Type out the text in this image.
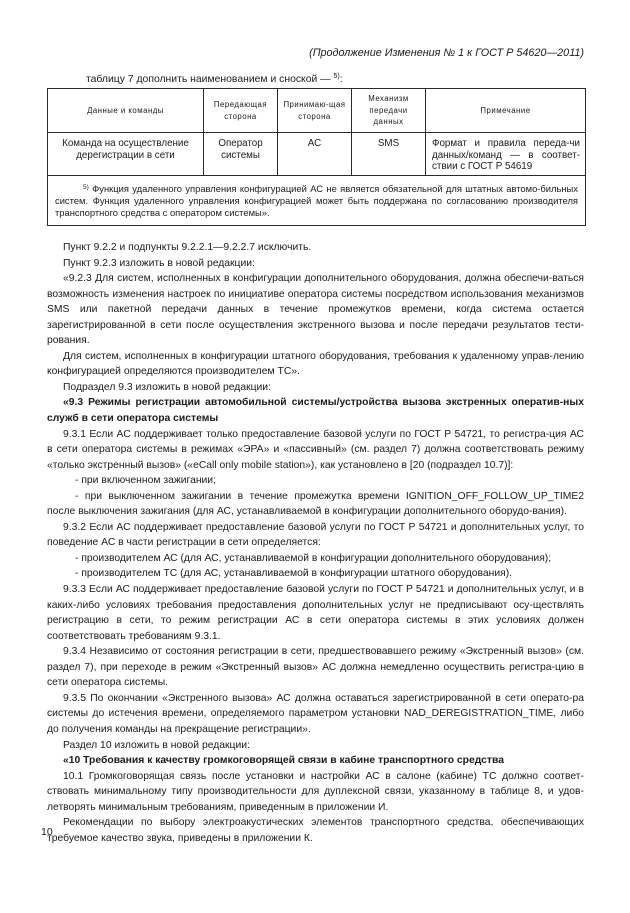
(Продолжение Изменения № 1 к ГОСТ Р 54620—2011)
таблицу 7 дополнить наименованием и сноской — $^{5)}$:
Данные и команды	Передающая сторона	Принимаю-щая сторона	Механизм передачи данных	Примечание
Команда на осуществление дерегистрации в сети	Оператор системы	АС	SMS	Формат и правила переда-чи данных/команд — в соответ-ствии с ГОСТ Р 54619
5) Функция удаленного управления конфигурацией АС не является обязательной для штатных автомо-бильных систем. Функция удаленного управления конфигурацией может быть поддержана по согласованию производителя транспортного средства с оператором системы».				

Пункт 9.2.2 и подпункты 9.2.2.1—9.2.2.7 исключить.

Пункт 9.2.3 изложить в новой редакции:

«9.2.3 Для систем, исполненных в конфигурации дополнительного оборудования, должна обеспечи-ваться возможность изменения настроек по инициативе оператора системы посредством использования механизмов SMS или пакетной передачи данных в течение промежутков времени, когда система остается зарегистрированной в сети после осуществления экстренного вызова и после передачи результатов тести-рования.

Для систем, исполненных в конфигурации штатного оборудования, требования к удаленному управ-лению конфигурацией определяются производителем ТС».

Подраздел 9.3 изложить в новой редакции:

«9.3 Режимы регистрации автомобильной системы/устройства вызова экстренных оператив-ных служб в сети оператора системы

9.3.1 Если АС поддерживает только предоставление базовой услуги по ГОСТ Р 54721, то регистра-ция АС в сети оператора системы в режимах «ЭРА» и «пассивный» (см. раздел 7) должна соответствовать режиму «только экстренный вызов» («eCall only mobile station»), как установлено в [20 (подраздел 10.7)]:

- при включенном зажигании;

- при выключенном зажигании в течение промежутка времени IGNITION_OFF_FOLLOW_UP_TIME2 после выключения зажигания (для АС, устанавливаемой в конфигурации дополнительного оборудо-вания).

9.3.2 Если АС поддерживает предоставление базовой услуги по ГОСТ Р 54721 и дополнительных услуг, то поведение АС в части регистрации в сети определяется:

- производителем АС (для АС, устанавливаемой в конфигурации дополнительного оборудования);

- производителем ТС (для АС, устанавливаемой в конфигурации штатного оборудования).

9.3.3 Если АС поддерживает предоставление базовой услуги по ГОСТ Р 54721 и дополнительных услуг, и в каких-либо условиях требования предоставления дополнительных услуг не предписывают осу-ществлять регистрацию в сети, то режим регистрации АС в сети оператора системы в этих условиях должен соответствовать требованиям 9.3.1.

9.3.4 Независимо от состояния регистрации в сети, предшествовавшего режиму «Экстренный вызов» (см. раздел 7), при переходе в режим «Экстренный вызов» АС должна немедленно осуществить регистра-цию в сети оператора системы.

9.3.5 По окончании «Экстренного вызова» АС должна оставаться зарегистрированной в сети операто-ра системы до истечения времени, определяемого параметром установки NAD_DEREGISTRATION_TIME, либо до получения команды на прекращение регистрации».

Раздел 10 изложить в новой редакции:

«10 Требования к качеству громкоговорящей связи в кабине транспортного средства

10.1 Громкоговорящая связь после установки и настройки АС в салоне (кабине) ТС должно соответ-ствовать минимальному типу производительности для дуплексной связи, указанному в таблице 8, и удов-летворять минимальным требованиям, приведенным в приложении И.

Рекомендации по выбору электроакустических элементов транспортного средства, обеспечивающих требуемое качество звука, приведены в приложении К.

10
